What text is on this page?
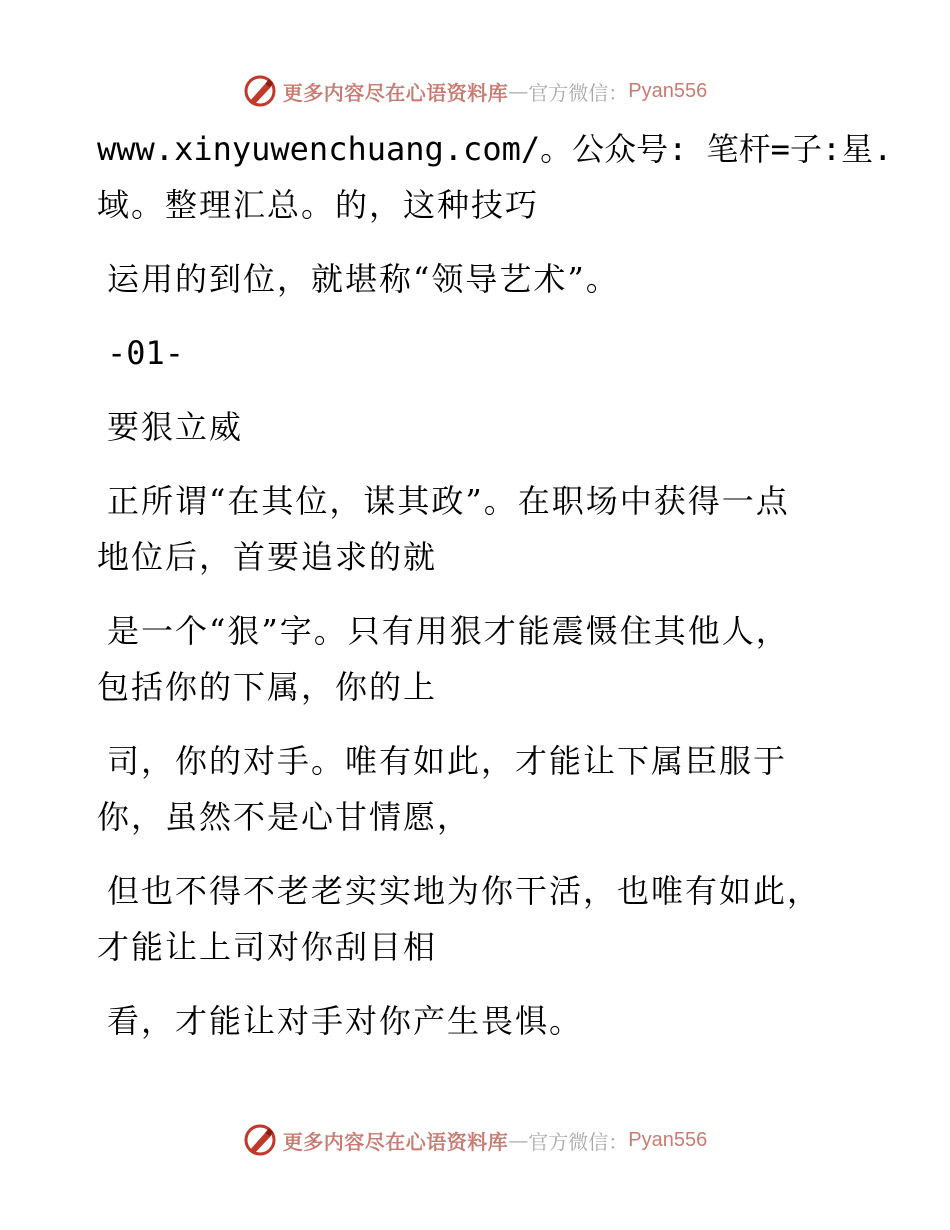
更多内容尽在心语资料库 — 官方微信： Pyan556
www.xinyuwenchuang.com/。公众号: 笔杆=子:星.
域。整理汇总。的，这种技巧
运用的到位，就堪称“领导艺术”。
-01-
要狠立威
正所谓“在其位，谋其政”。在职场中获得一点
地位后，首要追求的就
是一个“狠”字。只有用狠才能震慑住其他人，
包括你的下属，你的上
司，你的对手。唯有如此，才能让下属臣服于
你，虽然不是心甘情愿，
但也不得不老老实实地为你干活，也唯有如此，
才能让上司对你刮目相
看，才能让对手对你产生畏惧。
更多内容尽在心语资料库 — 官方微信： Pyan556
